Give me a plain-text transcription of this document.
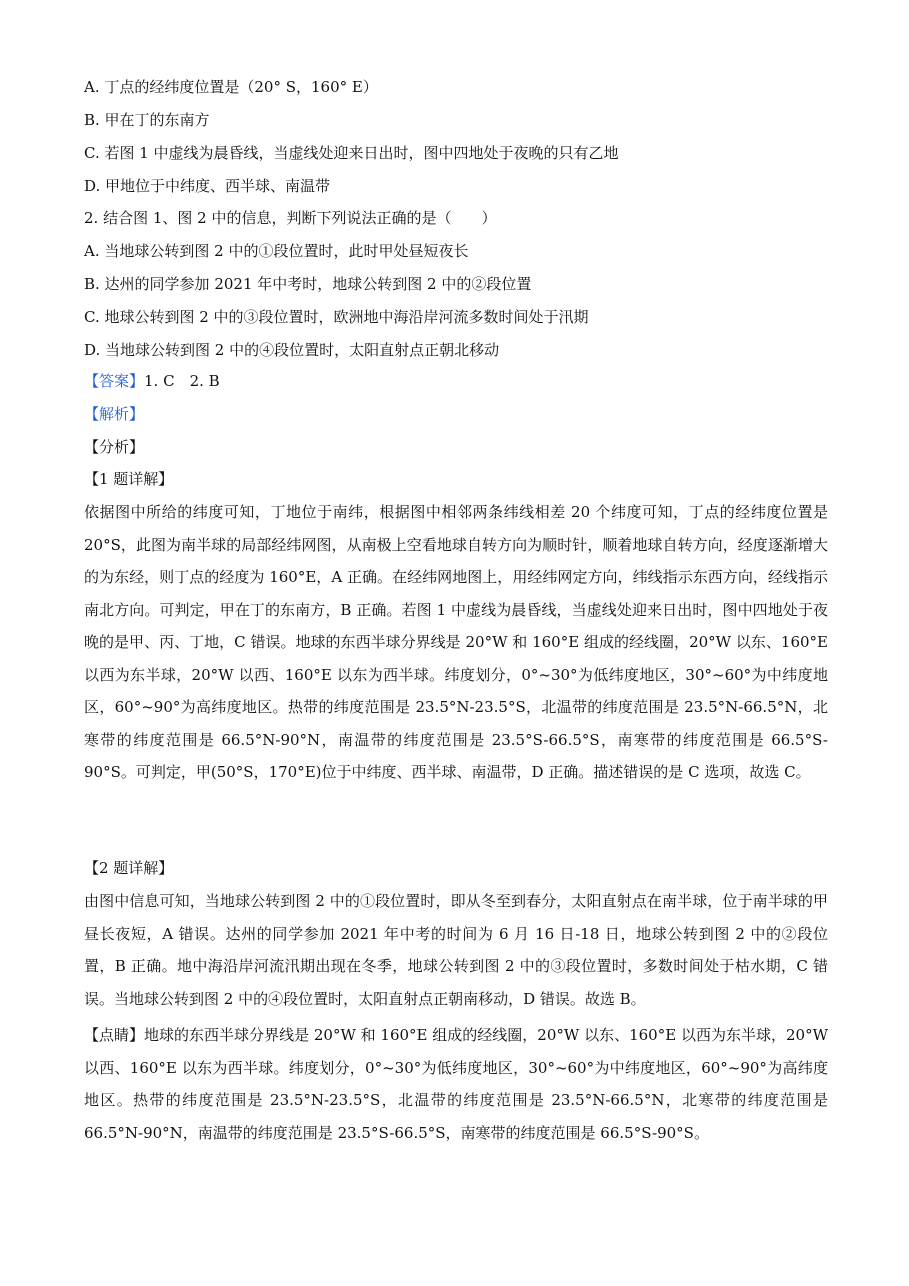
A. 丁点的经纬度位置是（20° S，160° E）
B. 甲在丁的东南方
C. 若图 1 中虚线为晨昏线，当虚线处迎来日出时，图中四地处于夜晚的只有乙地
D. 甲地位于中纬度、西半球、南温带
2. 结合图 1、图 2 中的信息，判断下列说法正确的是（　　）
A. 当地球公转到图 2 中的①段位置时，此时甲处昼短夜长
B. 达州的同学参加 2021 年中考时，地球公转到图 2 中的②段位置
C. 地球公转到图 2 中的③段位置时，欧洲地中海沿岸河流多数时间处于汛期
D. 当地球公转到图 2 中的④段位置时，太阳直射点正朝北移动
【答案】1. C　2. B
【解析】
【分析】
【1 题详解】

依据图中所给的纬度可知，丁地位于南纬，根据图中相邻两条纬线相差 20 个纬度可知，丁点的经纬度位置是 20°S，此图为南半球的局部经纬网图，从南极上空看地球自转方向为顺时针，顺着地球自转方向，经度逐渐增大的为东经，则丁点的经度为 160°E，A 正确。在经纬网地图上，用经纬网定方向，纬线指示东西方向，经线指示南北方向。可判定，甲在丁的东南方，B 正确。若图 1 中虚线为晨昏线，当虚线处迎来日出时，图中四地处于夜晚的是甲、丙、丁地，C 错误。地球的东西半球分界线是 20°W 和 160°E 组成的经线圈，20°W 以东、160°E 以西为东半球，20°W 以西、160°E 以东为西半球。纬度划分，0°~30°为低纬度地区，30°~60°为中纬度地区，60°~90°为高纬度地区。热带的纬度范围是 23.5°N-23.5°S，北温带的纬度范围是 23.5°N-66.5°N，北寒带的纬度范围是 66.5°N-90°N，南温带的纬度范围是 23.5°S-66.5°S，南寒带的纬度范围是 66.5°S-90°S。可判定，甲(50°S，170°E)位于中纬度、西半球、南温带，D 正确。描述错误的是 C 选项，故选 C。

【2 题详解】

由图中信息可知，当地球公转到图 2 中的①段位置时，即从冬至到春分，太阳直射点在南半球，位于南半球的甲昼长夜短，A 错误。达州的同学参加 2021 年中考的时间为 6 月 16 日-18 日，地球公转到图 2 中的②段位置，B 正确。地中海沿岸河流汛期出现在冬季，地球公转到图 2 中的③段位置时，多数时间处于枯水期，C 错误。当地球公转到图 2 中的④段位置时，太阳直射点正朝南移动，D 错误。故选 B。

【点睛】地球的东西半球分界线是 20°W 和 160°E 组成的经线圈，20°W 以东、160°E 以西为东半球，20°W 以西、160°E 以东为西半球。纬度划分，0°~30°为低纬度地区，30°~60°为中纬度地区，60°~90°为高纬度地区。热带的纬度范围是 23.5°N-23.5°S，北温带的纬度范围是 23.5°N-66.5°N，北寒带的纬度范围是 66.5°N-90°N，南温带的纬度范围是 23.5°S-66.5°S，南寒带的纬度范围是 66.5°S-90°S。
